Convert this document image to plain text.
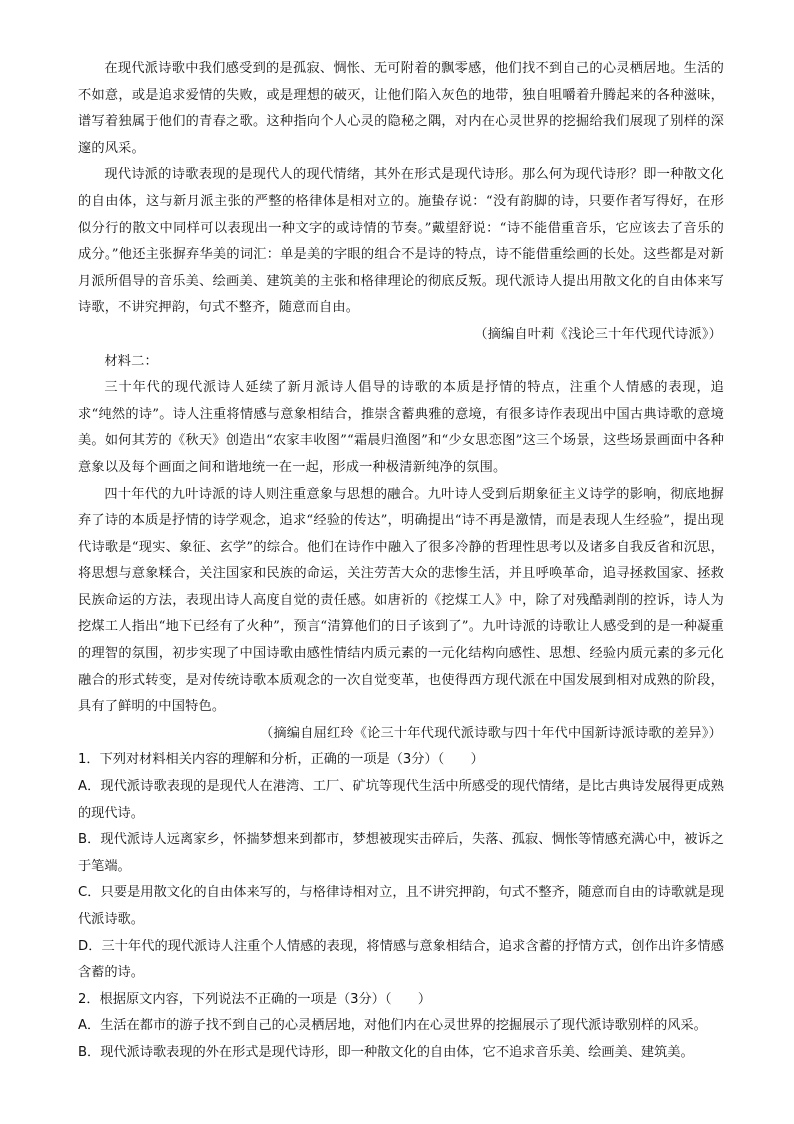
在现代派诗歌中我们感受到的是孤寂、惆怅、无可附着的飘零感，他们找不到自己的心灵栖居地。生活的不如意，或是追求爱情的失败，或是理想的破灭，让他们陷入灰色的地带，独自咀嚼着升腾起来的各种滋味，谱写着独属于他们的青春之歌。这种指向个人心灵的隐秘之隅，对内在心灵世界的挖掘给我们展现了别样的深邃的风采。

现代诗派的诗歌表现的是现代人的现代情绪，其外在形式是现代诗形。那么何为现代诗形？即一种散文化的自由体，这与新月派主张的严整的格律体是相对立的。施蛰存说：“没有韵脚的诗，只要作者写得好，在形似分行的散文中同样可以表现出一种文字的或诗情的节奏。”戴望舒说：“诗不能借重音乐，它应该去了音乐的成分。”他还主张摒弃华美的词汇：单是美的字眼的组合不是诗的特点，诗不能借重绘画的长处。这些都是对新月派所倡导的音乐美、绘画美、建筑美的主张和格律理论的彻底反叛。现代派诗人提出用散文化的自由体来写诗歌，不讲究押韵，句式不整齐，随意而自由。

（摘编自叶莉《浅论三十年代现代诗派》）

材料二：

三十年代的现代派诗人延续了新月派诗人倡导的诗歌的本质是抒情的特点，注重个人情感的表现，追求“纯然的诗”。诗人注重将情感与意象相结合，推崇含蓄典雅的意境，有很多诗作表现出中国古典诗歌的意境美。如何其芳的《秋天》创造出“农家丰收图”“霜晨归渔图”和“少女思恋图”这三个场景，这些场景画面中各种意象以及每个画面之间和谐地统一在一起，形成一种极清新纯净的氛围。

四十年代的九叶诗派的诗人则注重意象与思想的融合。九叶诗人受到后期象征主义诗学的影响，彻底地摒弃了诗的本质是抒情的诗学观念，追求“经验的传达”，明确提出“诗不再是激情，而是表现人生经验”，提出现代诗歌是“现实、象征、玄学”的综合。他们在诗作中融入了很多冷静的哲理性思考以及诸多自我反省和沉思，将思想与意象糅合，关注国家和民族的命运，关注劳苦大众的悲惨生活，并且呼唤革命，追寻拯救国家、拯救民族命运的方法，表现出诗人高度自觉的责任感。如唐祈的《挖煤工人》中，除了对残酷剥削的控诉，诗人为挖煤工人指出“地下已经有了火种”，预言“清算他们的日子该到了”。九叶诗派的诗歌让人感受到的是一种凝重的理智的氛围，初步实现了中国诗歌由感性情结内质元素的一元化结构向感性、思想、经验内质元素的多元化融合的形式转变，是对传统诗歌本质观念的一次自觉变革，也使得西方现代派在中国发展到相对成熟的阶段，具有了鲜明的中国特色。

（摘编自屈红玲《论三十年代现代派诗歌与四十年代中国新诗派诗歌的差异》）

1．下列对材料相关内容的理解和分析，正确的一项是（3分）（　　）

A．现代派诗歌表现的是现代人在港湾、工厂、矿坑等现代生活中所感受的现代情绪，是比古典诗发展得更成熟的现代诗。

B．现代派诗人远离家乡，怀揣梦想来到都市，梦想被现实击碎后，失落、孤寂、惆怅等情感充满心中，被诉之于笔端。

C．只要是用散文化的自由体来写的，与格律诗相对立，且不讲究押韵，句式不整齐，随意而自由的诗歌就是现代派诗歌。

D．三十年代的现代派诗人注重个人情感的表现，将情感与意象相结合，追求含蓄的抒情方式，创作出许多情感含蓄的诗。

2．根据原文内容，下列说法不正确的一项是（3分）（　　）

A．生活在都市的游子找不到自己的心灵栖居地，对他们内在心灵世界的挖掘展示了现代派诗歌别样的风采。

B．现代派诗歌表现的外在形式是现代诗形，即一种散文化的自由体，它不追求音乐美、绘画美、建筑美。
